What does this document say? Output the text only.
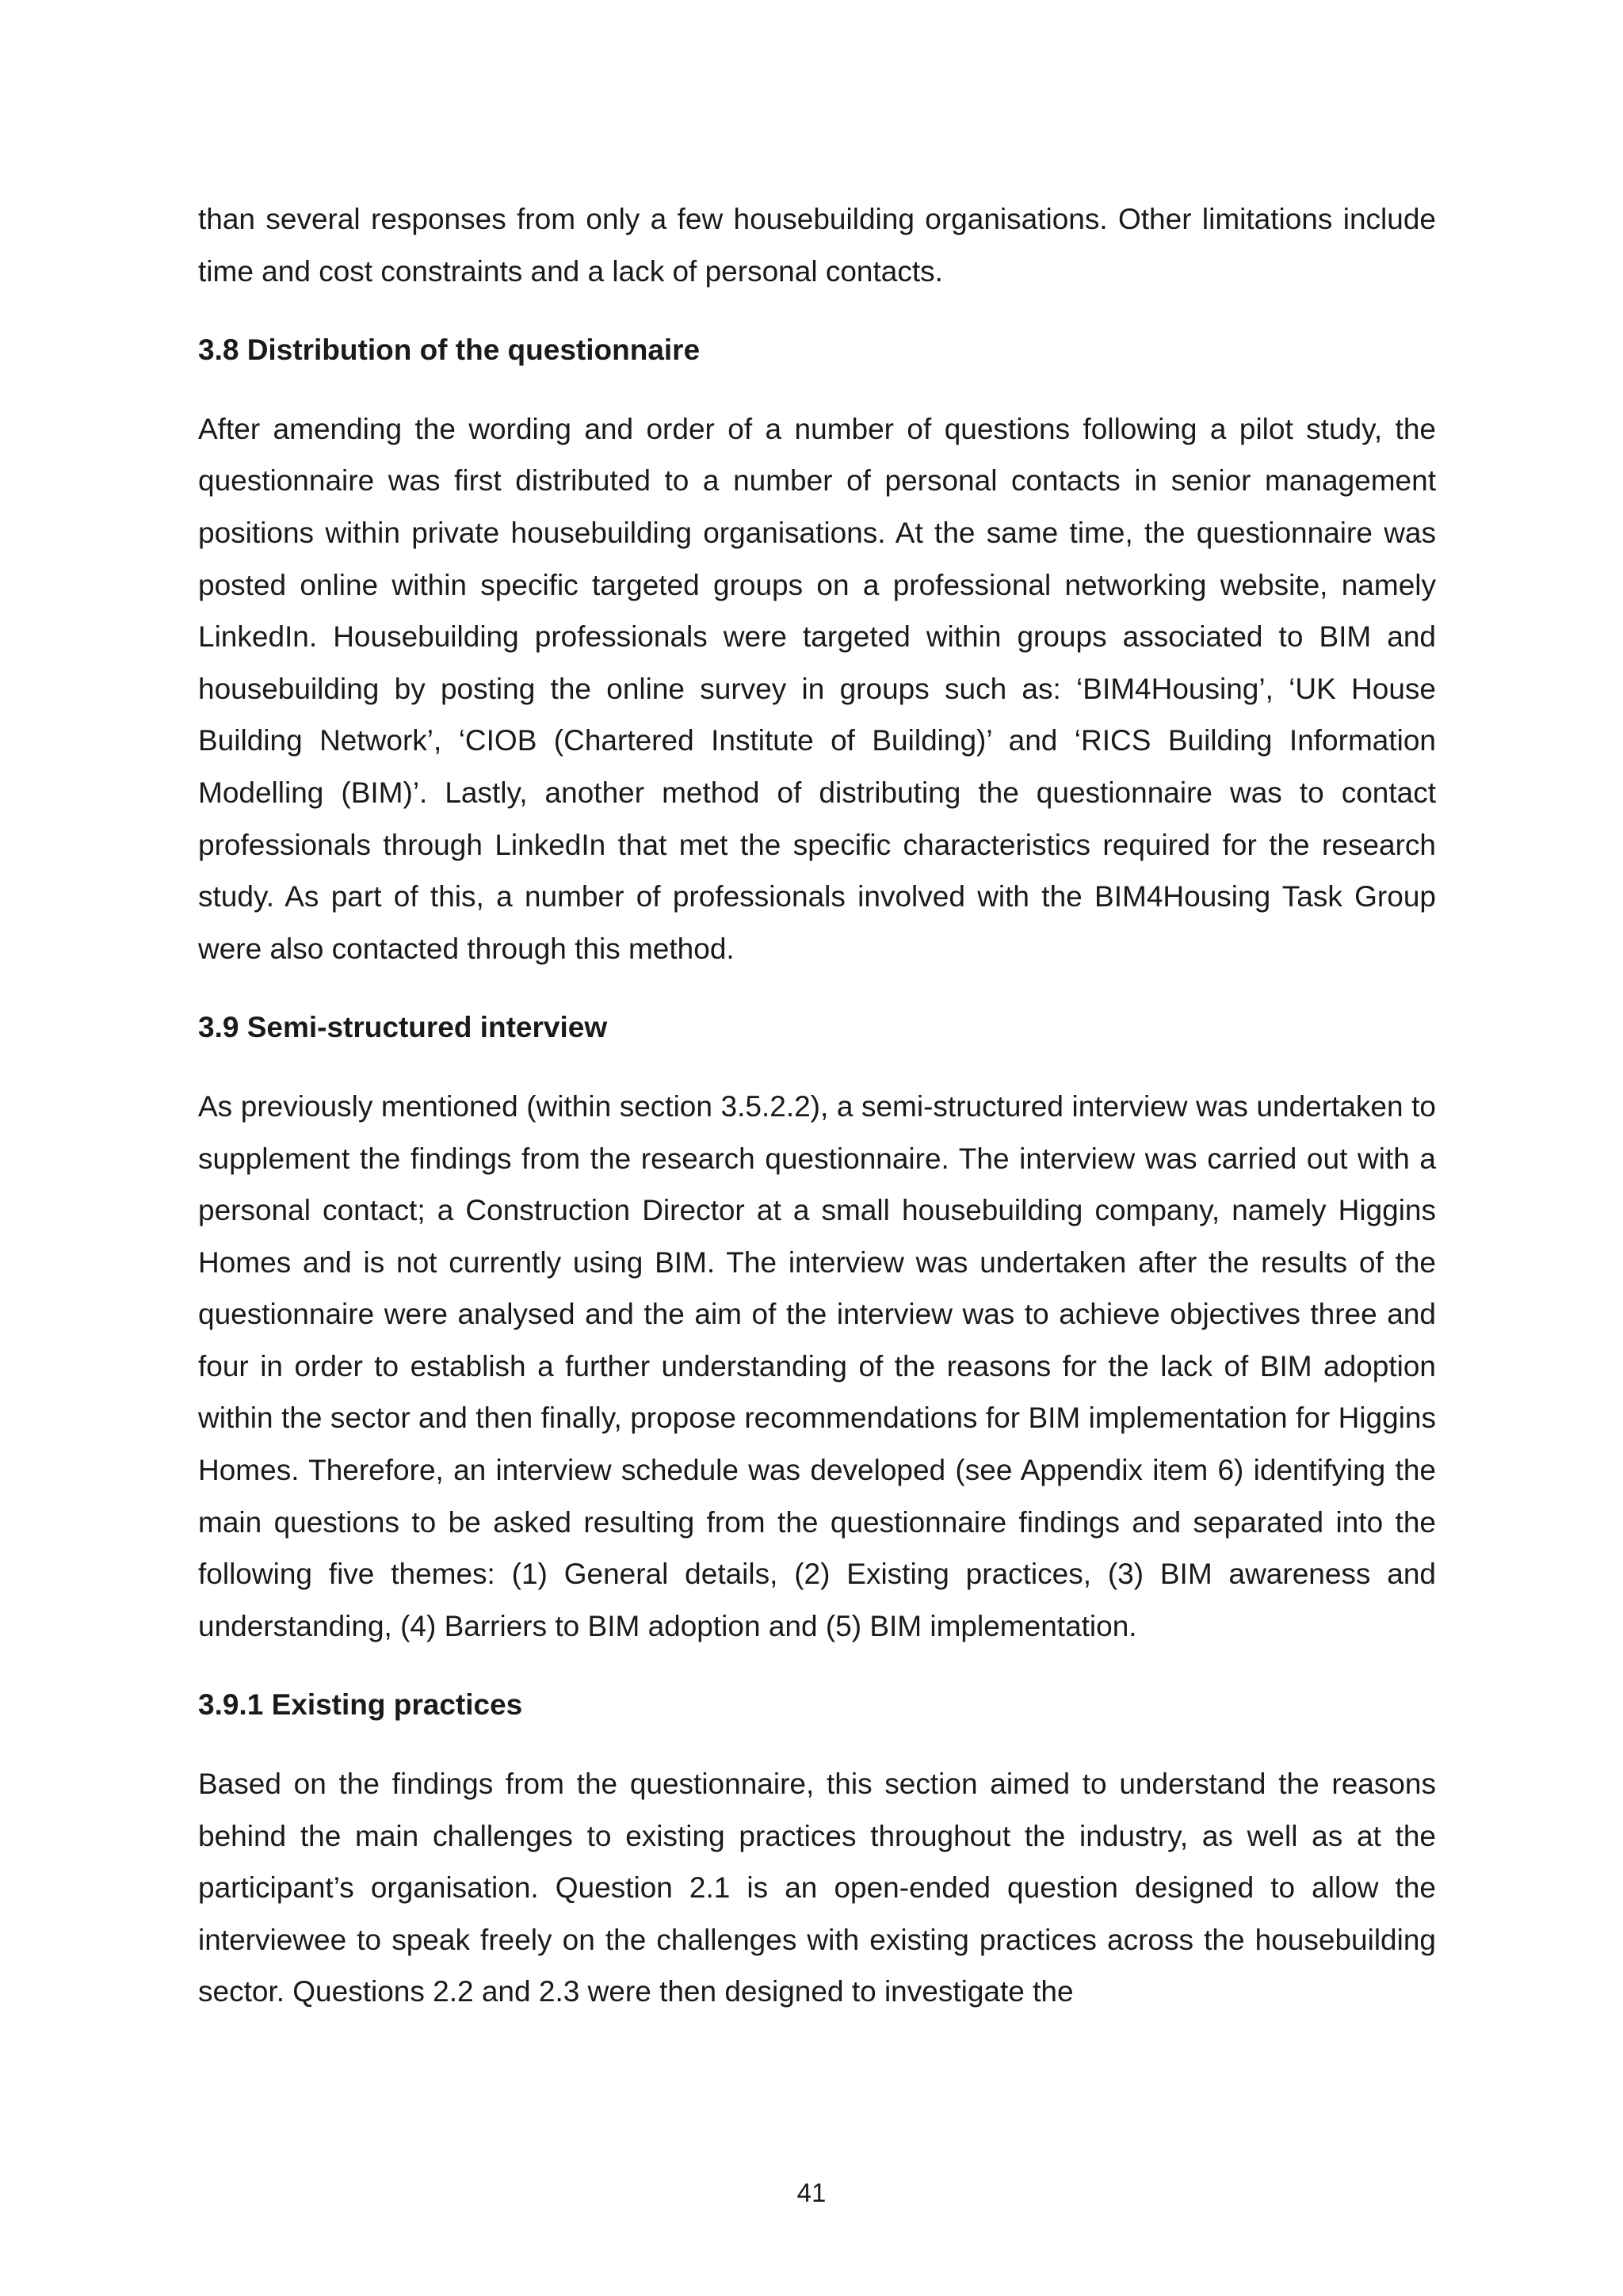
than several responses from only a few housebuilding organisations. Other limitations include time and cost constraints and a lack of personal contacts.

3.8 Distribution of the questionnaire

After amending the wording and order of a number of questions following a pilot study, the questionnaire was first distributed to a number of personal contacts in senior management positions within private housebuilding organisations. At the same time, the questionnaire was posted online within specific targeted groups on a professional networking website, namely LinkedIn. Housebuilding professionals were targeted within groups associated to BIM and housebuilding by posting the online survey in groups such as: ‘BIM4Housing’, ‘UK House Building Network’, ‘CIOB (Chartered Institute of Building)’ and ‘RICS Building Information Modelling (BIM)’. Lastly, another method of distributing the questionnaire was to contact professionals through LinkedIn that met the specific characteristics required for the research study. As part of this, a number of professionals involved with the BIM4Housing Task Group were also contacted through this method.

3.9 Semi-structured interview

As previously mentioned (within section 3.5.2.2), a semi-structured interview was undertaken to supplement the findings from the research questionnaire. The interview was carried out with a personal contact; a Construction Director at a small housebuilding company, namely Higgins Homes and is not currently using BIM. The interview was undertaken after the results of the questionnaire were analysed and the aim of the interview was to achieve objectives three and four in order to establish a further understanding of the reasons for the lack of BIM adoption within the sector and then finally, propose recommendations for BIM implementation for Higgins Homes. Therefore, an interview schedule was developed (see Appendix item 6) identifying the main questions to be asked resulting from the questionnaire findings and separated into the following five themes: (1) General details, (2) Existing practices, (3) BIM awareness and understanding, (4) Barriers to BIM adoption and (5) BIM implementation.

3.9.1 Existing practices

Based on the findings from the questionnaire, this section aimed to understand the reasons behind the main challenges to existing practices throughout the industry, as well as at the participant’s organisation. Question 2.1 is an open-ended question designed to allow the interviewee to speak freely on the challenges with existing practices across the housebuilding sector. Questions 2.2 and 2.3 were then designed to investigate the

41
